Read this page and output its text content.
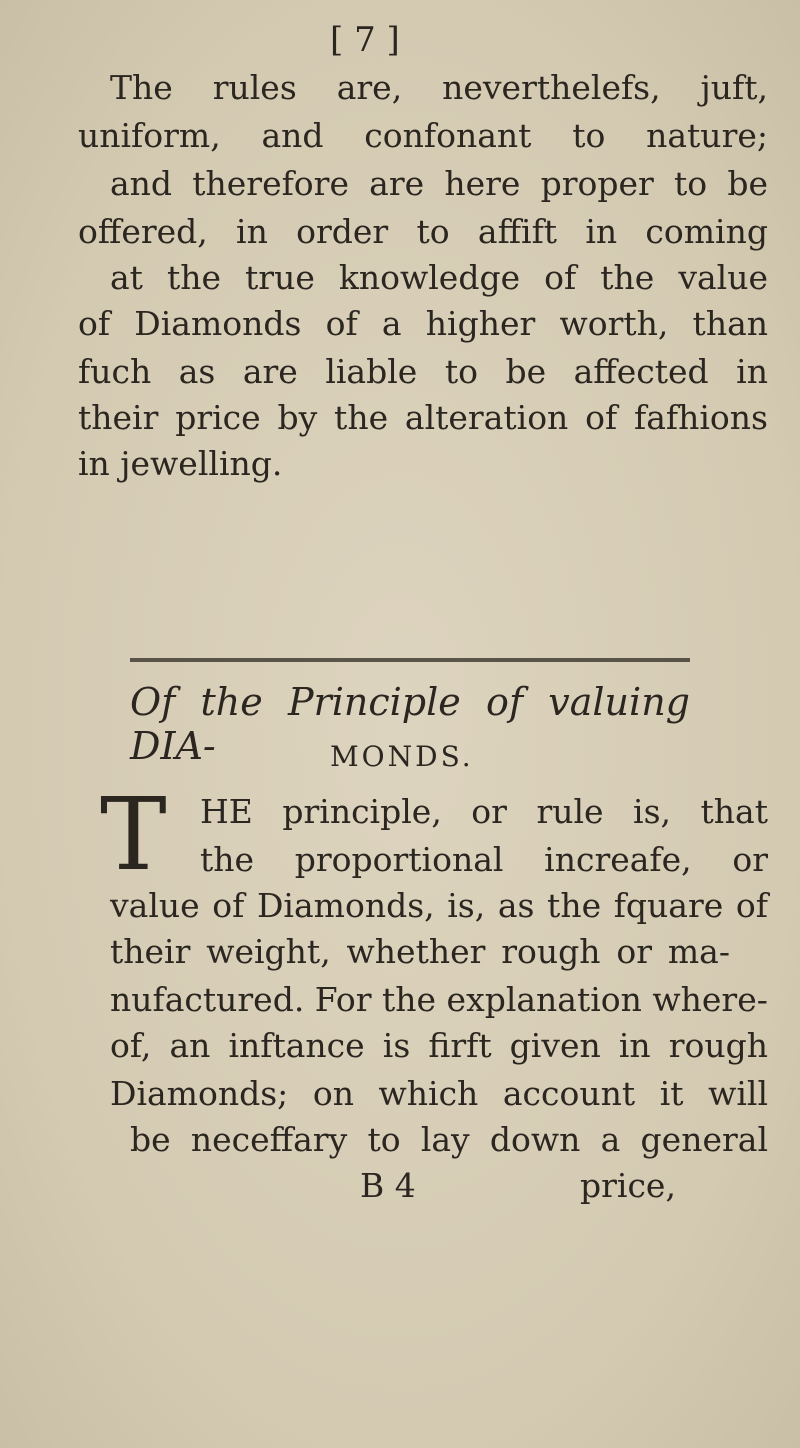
[ 7 ]
The rules are, neverthelefs, juft,
uniform, and confonant to nature;
and therefore are here proper to be
offered, in order to affift in coming
at the true knowledge of the value
of Diamonds of a higher worth, than
fuch as are liable to be affected in
their price by the alteration of fafhions
in jewelling.
Of the Principle of valuing DIA-	MONDS.
T HE principle, or rule is, that
the proportional increafe, or
value of Diamonds, is, as the fquare of
their weight, whether rough or ma-
nufactured. For the explanation where-
of, an inftance is firft given in rough
Diamonds; on which account it will
be neceffary to lay down a general
B 4	price,
